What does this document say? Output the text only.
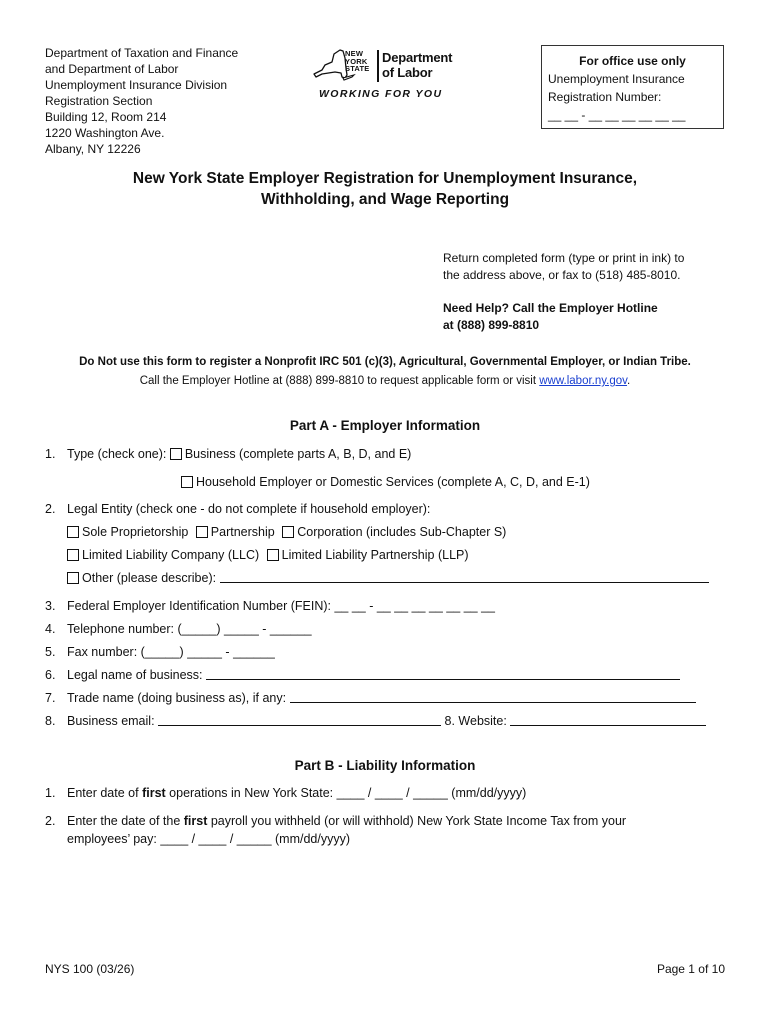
Department of Taxation and Finance
and Department of Labor
Unemployment Insurance Division
Registration Section
Building 12, Room 214
1220 Washington Ave.
Albany, NY 12226
NEW
YORK
STATE
Department
of Labor
WORKING FOR YOU
For office use only
Unemployment Insurance
Registration Number:
__ __ - __ __ __ __ __ __
New York State Employer Registration for Unemployment Insurance,
Withholding, and Wage Reporting
Return completed form (type or print in ink) to
the address above, or fax to (518) 485-8010.
Need Help? Call the Employer Hotline
at (888) 899-8810
Do Not use this form to register a Nonprofit IRC 501 (c)(3), Agricultural, Governmental Employer, or Indian Tribe.
Call the Employer Hotline at (888) 899-8810 to request applicable form or visit www.labor.ny.gov.
Part A - Employer Information
1. Type (check one): Business (complete parts A, B, D, and E)
Household Employer or Domestic Services (complete A, C, D, and E-1)
2. Legal Entity (check one - do not complete if household employer):
Sole Proprietorship Partnership Corporation (includes Sub-Chapter S)
Limited Liability Company (LLC) Limited Liability Partnership (LLP)
Other (please describe):
3. Federal Employer Identification Number (FEIN): __ __ - __ __ __ __ __ __ __
4. Telephone number: (_____) _____ - ______
5. Fax number: (_____) _____ - ______
6. Legal name of business:
7. Trade name (doing business as), if any:
8. Business email:	8. Website:
Part B - Liability Information
1. Enter date of first operations in New York State: ____ / ____ / _____ (mm/dd/yyyy)
2. Enter the date of the first payroll you withheld (or will withhold) New York State Income Tax from your
employees’ pay: ____ / ____ / _____ (mm/dd/yyyy)
NYS 100 (03/26)	Page 1 of 10
